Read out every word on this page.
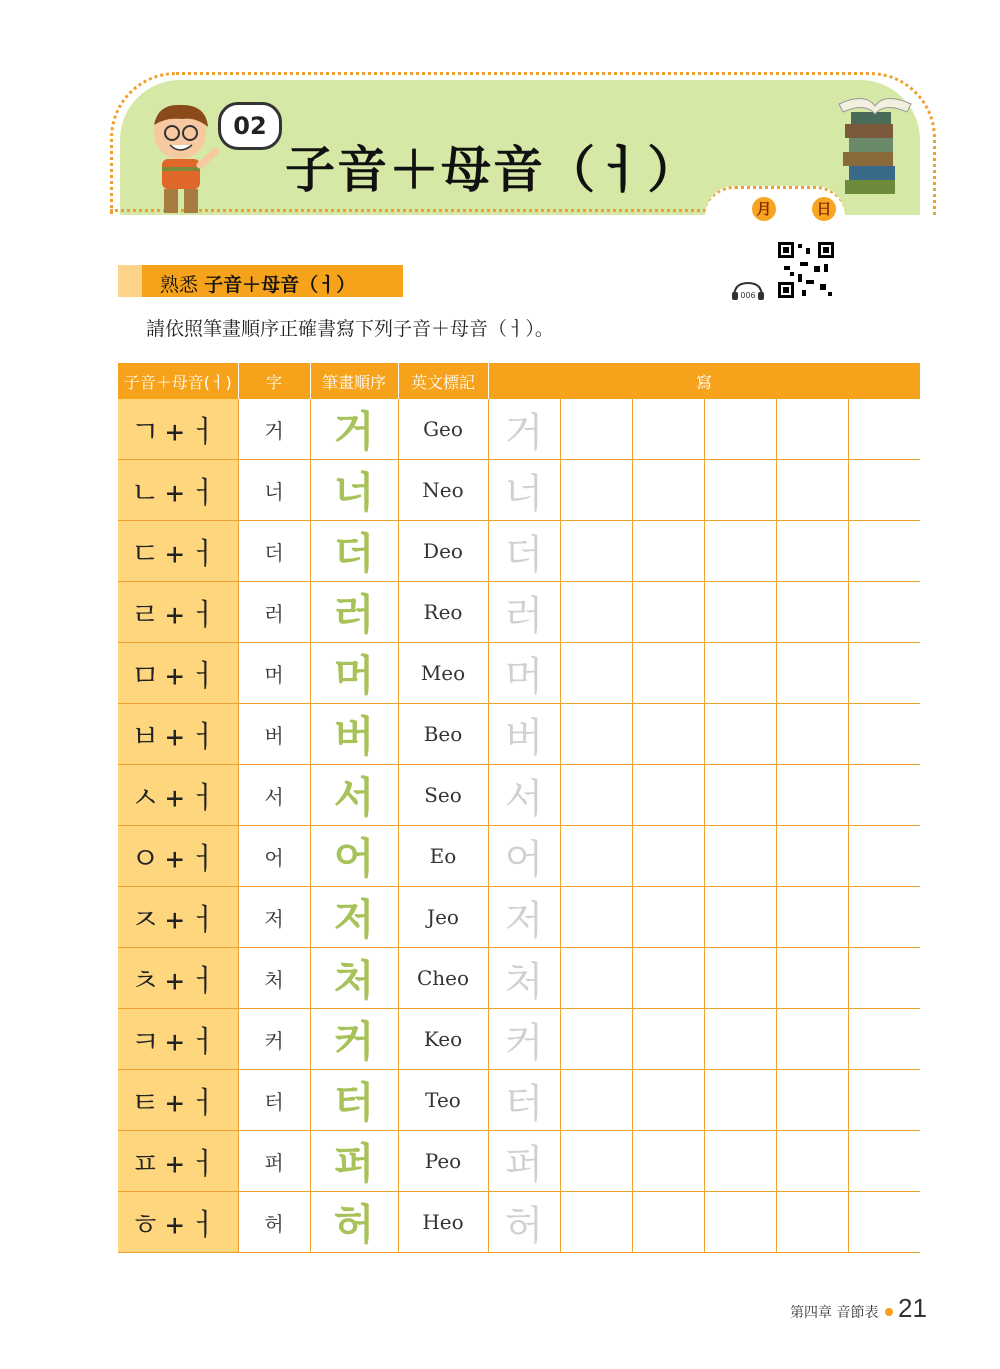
月	日
02
子音＋母音（ㅓ）
熟悉 子音＋母音（ㅓ）	006
請依照筆畫順序正確書寫下列子音＋母音（ㅓ）。
子音＋母音(ㅓ)	字	筆畫順序	英文標記	寫					
ㄱ+ㅓ	거	거	Geo	거					
ㄴ+ㅓ	너	너	Neo	너					
ㄷ+ㅓ	더	더	Deo	더					
ㄹ+ㅓ	러	러	Reo	러					
ㅁ+ㅓ	머	머	Meo	머					
ㅂ+ㅓ	버	버	Beo	버					
ㅅ+ㅓ	서	서	Seo	서					
ㅇ+ㅓ	어	어	Eo	어					
ㅈ+ㅓ	저	저	Jeo	저					
ㅊ+ㅓ	처	처	Cheo	처					
ㅋ+ㅓ	커	커	Keo	커					
ㅌ+ㅓ	터	터	Teo	터					
ㅍ+ㅓ	퍼	퍼	Peo	퍼					
ㅎ+ㅓ	허	허	Heo	허					
第四章 音節表 21
